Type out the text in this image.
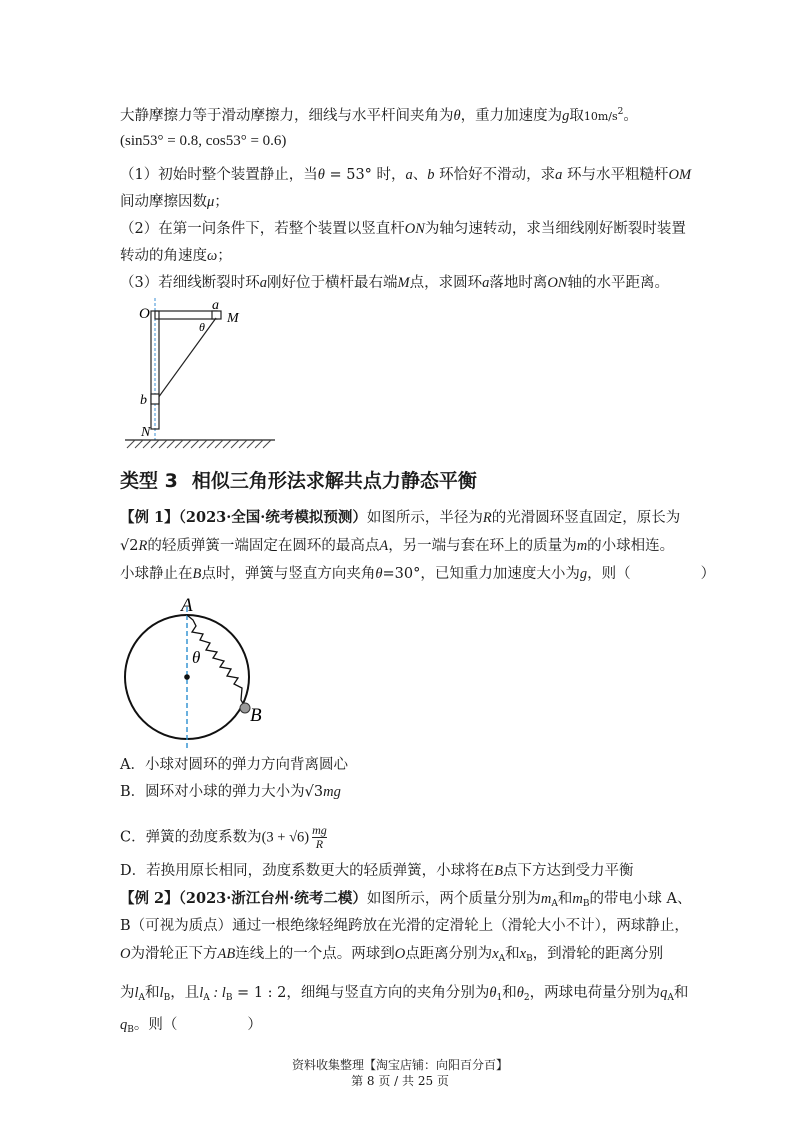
大静摩擦力等于滑动摩擦力，细线与水平杆间夹角为θ，重力加速度为g取$10m/s^2$。
(sin53° = 0.8, cos53° = 0.6)
（1）初始时整个装置静止，当θ = 53° 时，a、b 环恰好不滑动，求a 环与水平粗糙杆OM
间动摩擦因数μ；
（2）在第一问条件下，若整个装置以竖直杆ON为轴匀速转动，求当细线刚好断裂时装置
转动的角速度ω；
（3）若细线断裂时环a刚好位于横杆最右端M点，求圆环a落地时离ON轴的水平距离。
O
a
M
θ
b
N
类型 3 相似三角形法求解共点力静态平衡
【例 1】（2023·全国·统考模拟预测）如图所示，半径为R的光滑圆环竖直固定，原长为
√2R的轻质弹簧一端固定在圆环的最高点A，另一端与套在环上的质量为m的小球相连。
小球静止在B点时，弹簧与竖直方向夹角θ=30°，已知重力加速度大小为g，则（	）
A
θ
B
A．小球对圆环的弹力方向背离圆心
B．圆环对小球的弹力大小为√3mg
C．弹簧的劲度系数为$(3 + √6) \frac{mg}{R}$
D．若换用原长相同，劲度系数更大的轻质弹簧，小球将在B点下方达到受力平衡
【例 2】（2023·浙江台州·统考二模）如图所示，两个质量分别为$m_A$和$m_B$的带电小球 A、
B（可视为质点）通过一根绝缘轻绳跨放在光滑的定滑轮上（滑轮大小不计），两球静止，
O为滑轮正下方AB连线上的一个点。两球到O点距离分别为$x_A$和$x_B$，到滑轮的距离分别
为$l_A$和$l_B$，且$l_A$ : $l_B = 1$ : 2，细绳与竖直方向的夹角分别为$\theta_1$和$\theta_2$，两球电荷量分别为$q_A$和
$q_B$。则（	）
资料收集整理【淘宝店铺：向阳百分百】
第 8 页 / 共 25 页
